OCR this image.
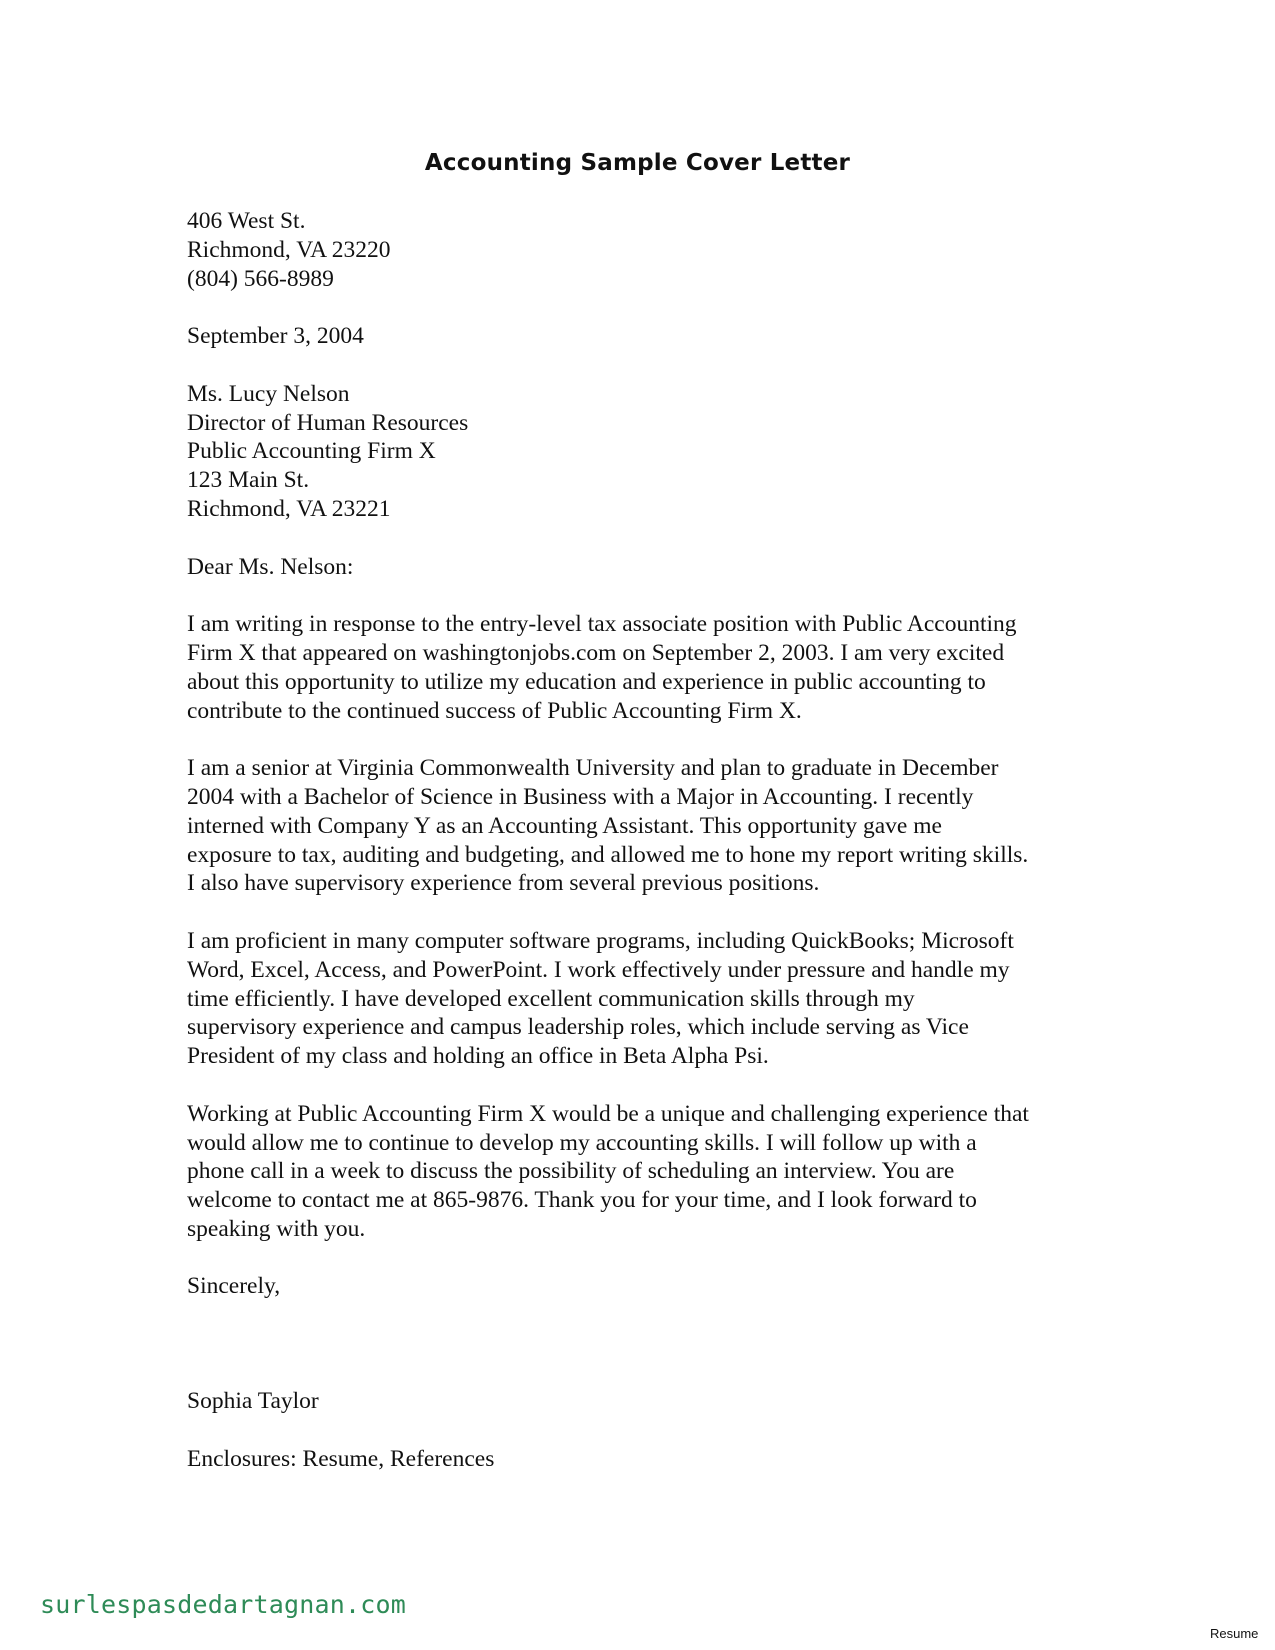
Accounting Sample Cover Letter
406 West St.
Richmond, VA 23220
(804) 566-8989
September 3, 2004
Ms. Lucy Nelson
Director of Human Resources
Public Accounting Firm X
123 Main St.
Richmond, VA 23221
Dear Ms. Nelson:
I am writing in response to the entry-level tax associate position with Public Accounting
Firm X that appeared on washingtonjobs.com on September 2, 2003. I am very excited
about this opportunity to utilize my education and experience in public accounting to
contribute to the continued success of Public Accounting Firm X.
I am a senior at Virginia Commonwealth University and plan to graduate in December
2004 with a Bachelor of Science in Business with a Major in Accounting. I recently
interned with Company Y as an Accounting Assistant. This opportunity gave me
exposure to tax, auditing and budgeting, and allowed me to hone my report writing skills.
I also have supervisory experience from several previous positions.
I am proficient in many computer software programs, including QuickBooks; Microsoft
Word, Excel, Access, and PowerPoint. I work effectively under pressure and handle my
time efficiently. I have developed excellent communication skills through my
supervisory experience and campus leadership roles, which include serving as Vice
President of my class and holding an office in Beta Alpha Psi.
Working at Public Accounting Firm X would be a unique and challenging experience that
would allow me to continue to develop my accounting skills. I will follow up with a
phone call in a week to discuss the possibility of scheduling an interview. You are
welcome to contact me at 865-9876. Thank you for your time, and I look forward to
speaking with you.
Sincerely,
Sophia Taylor
Enclosures: Resume, References
surlespasdedartagnan.com
Resume
